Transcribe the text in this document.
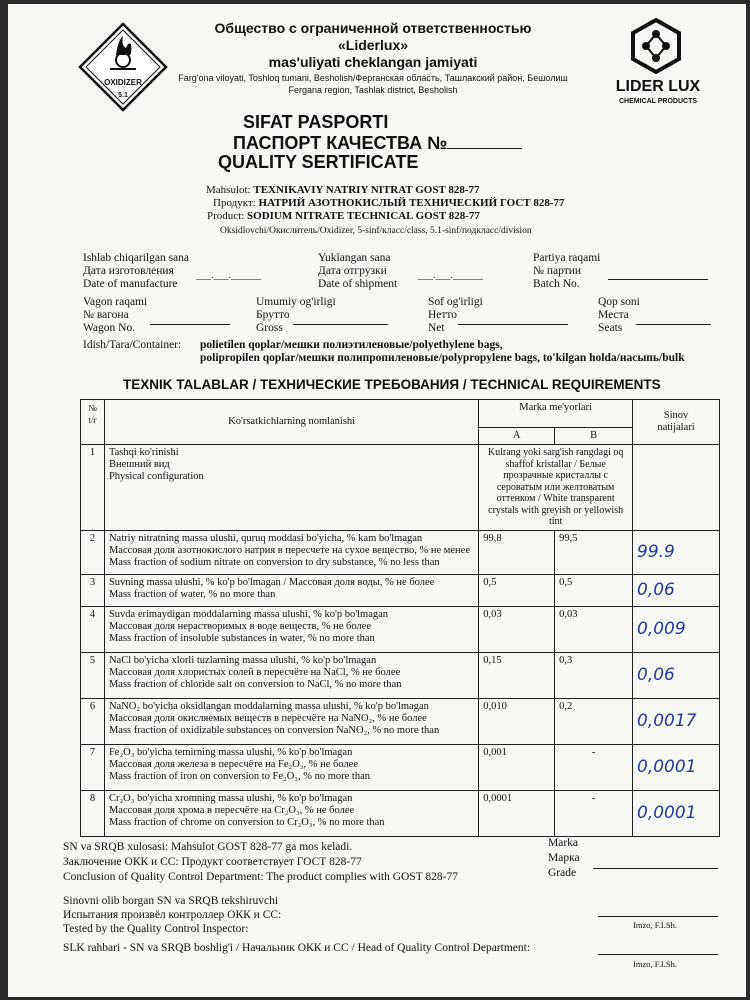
OXIDIZER
5.1
Общество с ограниченной ответственностью
«Liderlux»
mas'uliyati cheklangan jamiyati
Farg'ona viloyati, Toshloq tumani, Besholish/Ферганская область, Ташлакский район, Бешолиш
Fergana region, Tashlak district, Besholish	LIDER LUX
CHEMICAL PRODUCTS
SIFAT PASPORTI
ПАСПОРТ КАЧЕСТВА №
QUALITY SERTIFICATE
Mahsulot: TEXNIKAVIY NATRIY NITRAT GOST 828-77
Продукт: НАТРИЙ АЗОТНОКИСЛЫЙ ТЕХНИЧЕСКИЙ ГОСТ 828-77
Product: SODIUM NITRATE TECHNICAL GOST 828-77
Oksidlovchi/Окислитель/Oxidizer, 5-sinf/класс/class, 5.1-sinf/подкласс/division
Ishlab chiqarilgan sana
Дата изготовления
Date of manufacture
___.___.______
Yuklangan sana
Дата отгрузки
Date of shipment
___.___.______
Partiya raqami
№ партии
Batch No.
Vagon raqami
№ вагона
Wagon No.
Umumiy og'irligi
Брутто
Gross
Sof og'irligi
Нетто
Net
Qop soni
Места
Seats
Idish/Tara/Container: polietilen qoplar/мешки полиэтиленовые/polyethylene bags,
polipropilen qoplar/мешки полипропиленовые/polypropylene bags, to'kilgan holda/насыпь/bulk
TEXNIK TALABLAR / ТЕХНИЧЕСКИЕ ТРЕБОВАНИЯ / TECHNICAL REQUIREMENTS
№
t/r	Ko'rsatkichlarning nomlanishi	Marka me'yorlari		Sinov
natijalari
		A	B	
1	Tashqi ko'rinishi
Внешний вид
Physical configuration	Kulrang yoki sarg'ish rangdagi oq shaffof kristallar / Белые прозрачные кристаллы с сероватым или желтоватым оттенком / White transparent crystals with greyish or yellowish tint		
2	Natriy nitratning massa ulushi, quruq moddasi bo'yicha, % kam bo'lmagan
Массовая доля азотнокислого натрия в пересчете на сухое вещество, % не менее
Mass fraction of sodium nitrate on conversion to dry substance, % no less than	99,8	99,5	99.9
3	Suvning massa ulushi, % ko'p bo'lmagan / Массовая доля воды, % не более
Mass fraction of water, % no more than	0,5	0,5	0,06
4	Suvda erimaydigan moddalarning massa ulushi, % ko'p bo'lmagan
Массовая доля нерастворимых в воде веществ, % не более
Mass fraction of insoluble substances in water, % no more than	0,03	0,03	0,009
5	NaCl bo'yicha xlorli tuzlarning massa ulushi, % ko'p bo'lmagan
Массовая доля хлористых солей в пересчёте на NaCl, % не более
Mass fraction of chloride salt on conversion to NaCl, % no more than	0,15	0,3	0,06
6	NaNO₂ bo'yicha oksidlangan moddalarning massa ulushi, % ko'p bo'lmagan
Массовая доля окисляемых веществ в пересчёте на NaNO₂, % не более
Mass fraction of oxidizable substances on conversion NaNO₂, % no more than	0,010	0,2	0,0017
7	Fe₂O₃ bo'yicha temirning massa ulushi, % ko'p bo'lmagan
Массовая доля железа в пересчёте на Fe₂O₃, % не более
Mass fraction of iron on conversion to Fe₂O₃, % no more than	0,001	-	0,0001
8	Cr₂O₃ bo'yicha xromning massa ulushi, % ko'p bo'lmagan
Массовая доля хрома в пересчёте на Cr₂O₃, % не более
Mass fraction of chrome on conversion to Cr₂O₃, % no more than	0,0001	-	0,0001
SN va SRQB xulosasi: Mahsulot GOST 828-77 ga mos keladi.
Заключение ОКК и СС: Продукт соответствует ГОСТ 828-77
Conclusion of Quality Control Department: The product complies with GOST 828-77
Marka
Марка
Grade
Sinovni olib borgan SN va SRQB tekshiruvchi
Испытания произвёл контроллер ОКК и СС:
Tested by the Quality Control Inspector:	Imzo, F.I.Sh.
SLK rahbari - SN va SRQB boshlig'i / Начальник ОКК и СС / Head of Quality Control Department:
Imzo, F.I.Sh.
